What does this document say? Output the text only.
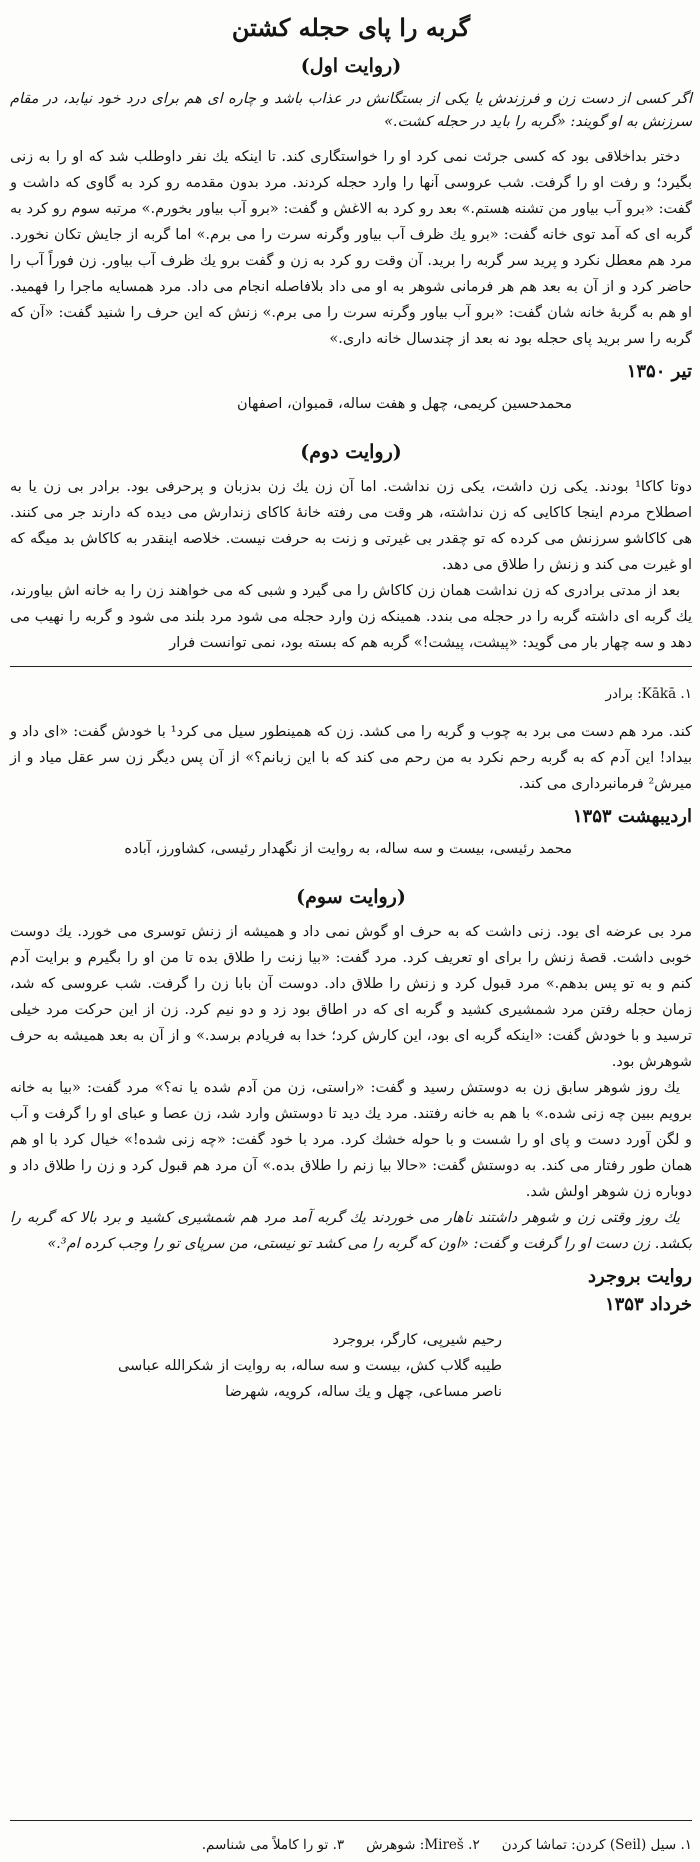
گربه را پای حجله کشتن
(روایت اول)

اگر کسی از دست زن و فرزندش یا یکی از بستگانش در عذاب باشد و چاره ای هم برای درد خود نیابد، در مقام سرزنش به او گویند: «گربه را باید در حجله کشت.»

دختر بداخلاقی بود که کسی جرئت نمی کرد او را خواستگاری کند. تا اینکه یك نفر داوطلب شد که او را به زنی بگیرد؛ و رفت او را گرفت. شب عروسی آنها را وارد حجله کردند. مرد بدون مقدمه رو کرد به گاوی که داشت و گفت: «برو آب بیاور من تشنه هستم.» بعد رو کرد به الاغش و گفت: «برو آب بیاور بخورم.» مرتبه سوم رو کرد به گربه ای که آمد توی خانه گفت: «برو یك ظرف آب بیاور وگرنه سرت را می برم.» اما گربه از جایش تکان نخورد. مرد هم معطل نکرد و پرید سر گربه را برید. آن وقت رو کرد به زن و گفت برو یك ظرف آب بیاور. زن فوراً آب را حاضر کرد و از آن به بعد هم هر فرمانی شوهر به او می داد بلافاصله انجام می داد. مرد همسایه ماجرا را فهمید. او هم به گربهٔ خانه شان گفت: «برو آب بیاور وگرنه سرت را می برم.» زنش که این حرف را شنید گفت: «آن که گربه را سر برید پای حجله بود نه بعد از چندسال خانه داری.»

تیر ۱۳۵۰
محمدحسین کریمی، چهل و هفت ساله، قمبوان، اصفهان
(روایت دوم)

دوتا کاکا¹ بودند. یکی زن داشت، یکی زن نداشت. اما آن زن یك زن بدزبان و پرحرفی بود. برادر بی زن یا به اصطلاح مردم اینجا کاکایی که زن نداشته، هر وقت می رفته خانهٔ کاکای زندارش می دیده که دارند جر می کنند. هی کاکاشو سرزنش می کرده که تو چقدر بی غیرتی و زنت به حرفت نیست. خلاصه اینقدر به کاکاش بد میگه که او غیرت می کند و زنش را طلاق می دهد.

بعد از مدتی برادری که زن نداشت همان زن کاکاش را می گیرد و شبی که می خواهند زن را به خانه اش بیاورند، یك گربه ای داشته گربه را در حجله می بندد. همینکه زن وارد حجله می شود مرد بلند می شود و گربه را نهیب می دهد و سه چهار بار می گوید: «پیشت، پیشت!» گربه هم که بسته بود، نمی توانست فرار

۱. Kākā: برادر

کند. مرد هم دست می برد به چوب و گربه را می کشد. زن که همینطور سیل می کرد¹ با خودش گفت: «ای داد و بیداد! این آدم که به گربه رحم نکرد به من رحم می کند که با این زبانم؟» از آن پس دیگر زن سر عقل میاد و از میرش² فرمانبرداری می کند.

اردیبهشت ۱۳۵۳
محمد رئیسی، بیست و سه ساله، به روایت از نگهدار رئیسی، کشاورز، آباده
(روایت سوم)

مرد بی عرضه ای بود. زنی داشت که به حرف او گوش نمی داد و همیشه از زنش توسری می خورد. یك دوست خوبی داشت. قصهٔ زنش را برای او تعریف کرد. مرد گفت: «بیا زنت را طلاق بده تا من او را بگیرم و برایت آدم کنم و به تو پس بدهم.» مرد قبول کرد و زنش را طلاق داد. دوست آن بابا زن را گرفت. شب عروسی که شد، زمان حجله رفتن مرد شمشیری کشید و گربه ای که در اطاق بود زد و دو نیم کرد. زن از این حرکت مرد خیلی ترسید و با خودش گفت: «اینکه گربه ای بود، این کارش کرد؛ خدا به فریادم برسد.» و از آن به بعد همیشه به حرف شوهرش بود.

یك روز شوهر سابق زن به دوستش رسید و گفت: «راستی، زن من آدم شده یا نه؟» مرد گفت: «بیا به خانه برویم ببین چه زنی شده.» با هم به خانه رفتند. مرد یك دید تا دوستش وارد شد، زن عصا و عبای او را گرفت و آب و لگن آورد دست و پای او را شست و با حوله خشك کرد. مرد با خود گفت: «چه زنی شده!» خیال کرد با او هم همان طور رفتار می کند. به دوستش گفت: «حالا بیا زنم را طلاق بده.» آن مرد هم قبول کرد و زن را طلاق داد و دوباره زن شوهر اولش شد.

یك روز وقتی زن و شوهر داشتند ناهار می خوردند یك گربه آمد مرد هم شمشیری کشید و برد بالا که گربه را بکشد. زن دست او را گرفت و گفت: «اون که گربه را می کشد تو نیستی، من سرپای تو را وجب کرده ام³.»

روایت بروجرد
خرداد ۱۳۵۳
رحیم شیرپی، کارگر، بروجرد
طیبه گلاب کش، بیست و سه ساله، به روایت از شکرالله عباسی
ناصر مساعی، چهل و یك ساله، کرویه، شهرضا
۱. سیل (Seil) کردن: تماشا کردن
۲. Mireš: شوهرش
۳. تو را کاملاً می شناسم.
